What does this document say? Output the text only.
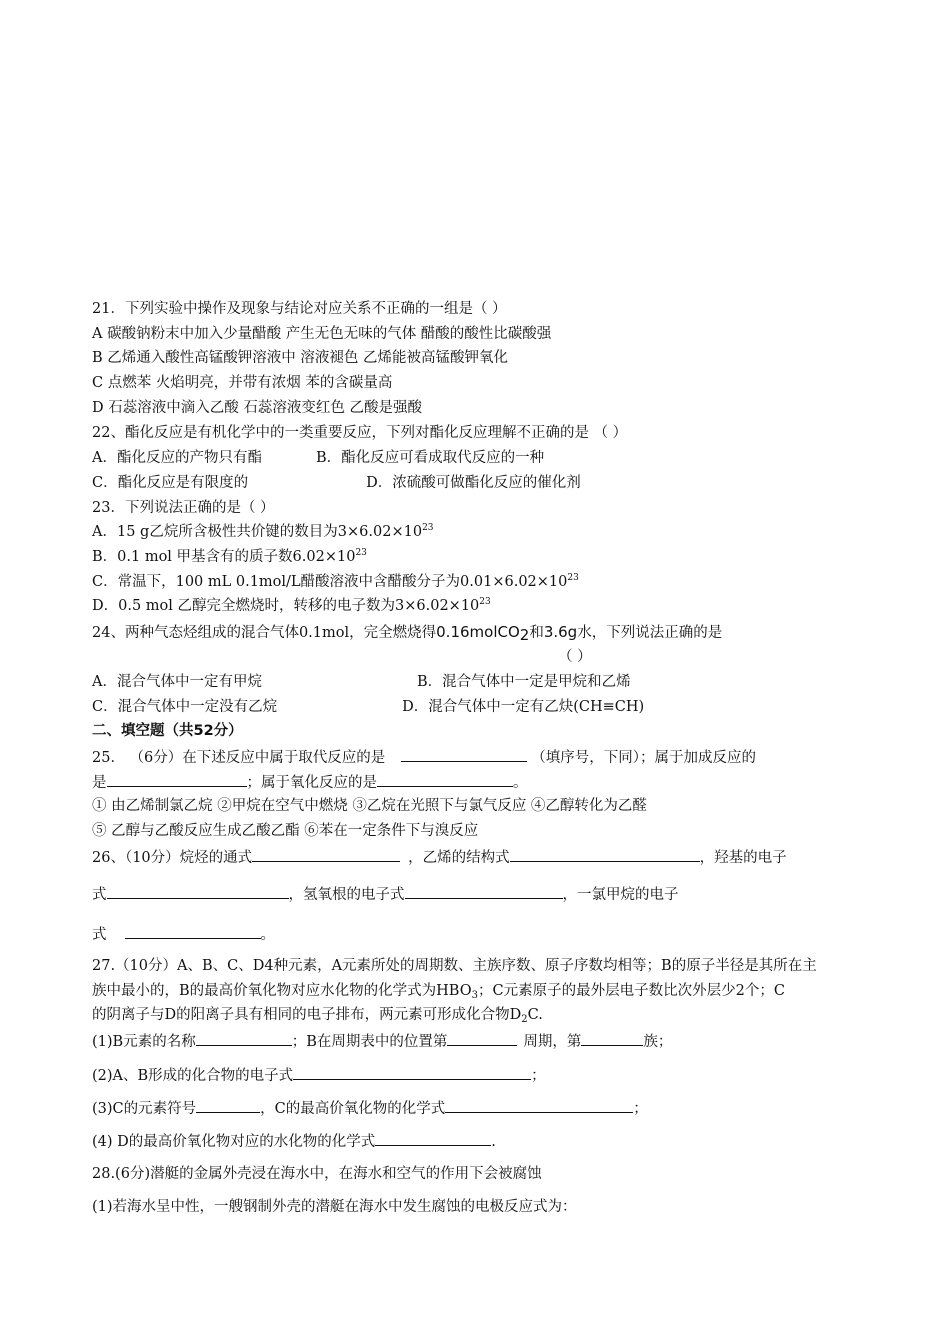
21．下列实验中操作及现象与结论对应关系不正确的一组是（ ）
A 碳酸钠粉末中加入少量醋酸 产生无色无味的气体 醋酸的酸性比碳酸强
B 乙烯通入酸性高锰酸钾溶液中 溶液褪色 乙烯能被高锰酸钾氧化
C 点燃苯 火焰明亮，并带有浓烟 苯的含碳量高
D 石蕊溶液中滴入乙酸 石蕊溶液变红色 乙酸是强酸
22、酯化反应是有机化学中的一类重要反应，下列对酯化反应理解不正确的是 （ ）
A．酯化反应的产物只有酯	B．酯化反应可看成取代反应的一种
C．酯化反应是有限度的	D．浓硫酸可做酯化反应的催化剂
23．下列说法正确的是（ ）
A．15 g乙烷所含极性共价键的数目为$3\times 6.02\times 10^{23}$
B．0.1 mol 甲基含有的质子数$6.02\times 10^{23}$
C．常温下，100 mL 0.1mol/L醋酸溶液中含醋酸分子为$0.01\times 6.02\times 10^{23}$
D．0.5 mol 乙醇完全燃烧时，转移的电子数为$3\times 6.02\times 10^{23}$
24、两种气态烃组成的混合气体0.1mol，完全燃烧得0.16molCO$_2$和3.6g水，下列说法正确的是
（ ）
A．混合气体中一定有甲烷	B．混合气体中一定是甲烷和乙烯
C．混合气体中一定没有乙烷	D．混合气体中一定有乙炔(CH≡CH)
二、填空题（共52分）
25． （6分）在下述反应中属于取代反应的是	（填序号，下同）；属于加成反应的
是	；属于氧化反应的是	。
① 由乙烯制氯乙烷 ②甲烷在空气中燃烧 ③乙烷在光照下与氯气反应 ④乙醇转化为乙醛
⑤ 乙醇与乙酸反应生成乙酸乙酯 ⑥苯在一定条件下与溴反应
26、（10分）烷烃的通式	，乙烯的结构式	，羟基的电子
式	，氢氧根的电子式	，一氯甲烷的电子
式	。
27.（10分）A、B、C、D4种元素，A元素所处的周期数、主族序数、原子序数均相等；B的原子半径是其所在主
族中最小的，B的最高价氧化物对应水化物的化学式为$HBO_3$；C元素原子的最外层电子数比次外层少2个；C
的阴离子与D的阳离子具有相同的电子排布，两元素可形成化合物$D_2C$.
(1)B元素的名称	；B在周期表中的位置第	周期，第	族；
(2)A、B形成的化合物的电子式	；
(3)C的元素符号	，C的最高价氧化物的化学式	；
(4) D的最高价氧化物对应的水化物的化学式	.
28.(6分)潜艇的金属外壳浸在海水中，在海水和空气的作用下会被腐蚀
(1)若海水呈中性，一艘钢制外壳的潜艇在海水中发生腐蚀的电极反应式为：
